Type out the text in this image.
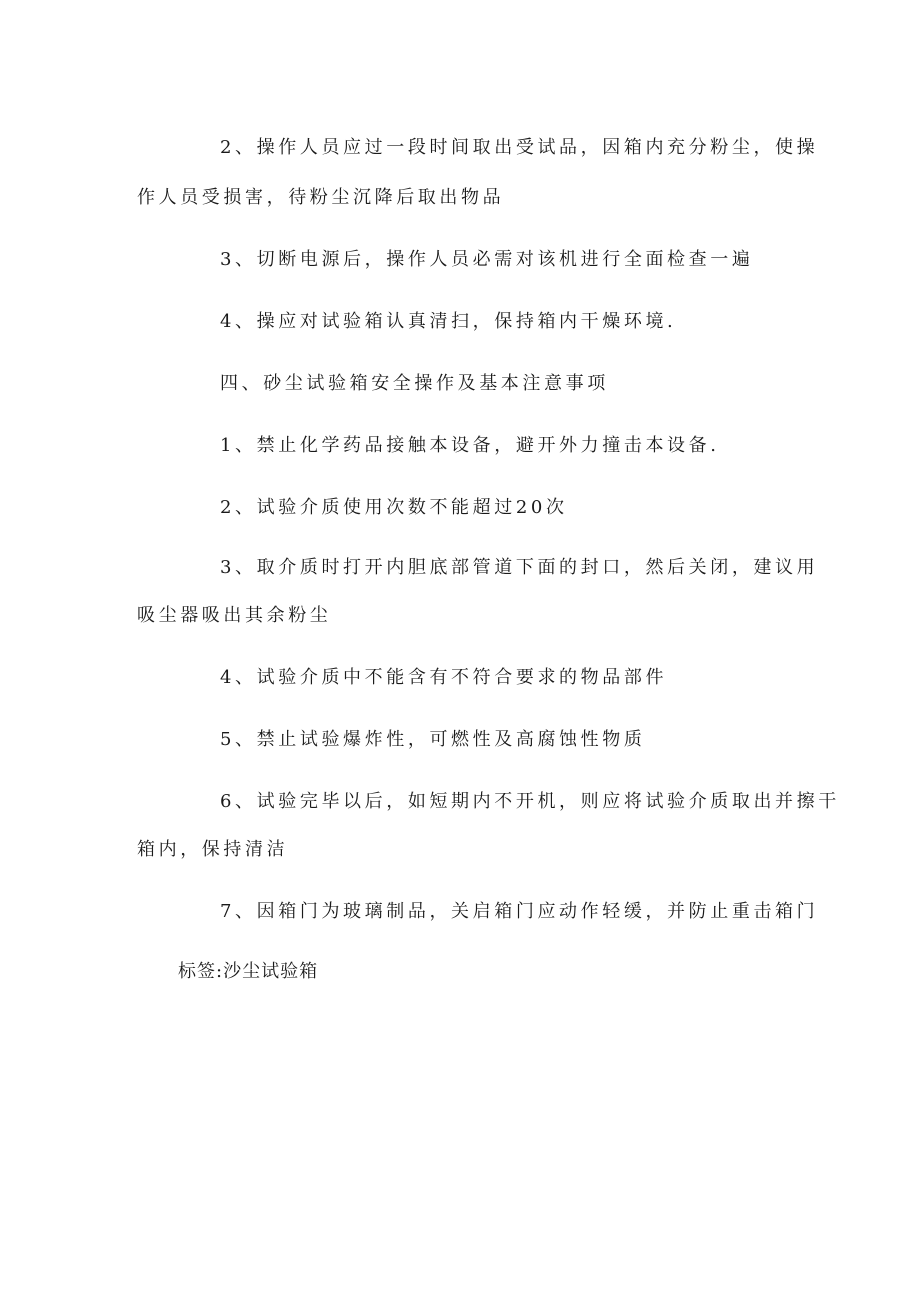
2、操作人员应过一段时间取出受试品，因箱内充分粉尘，使操
作人员受损害，待粉尘沉降后取出物品
3、切断电源后，操作人员必需对该机进行全面检查一遍
4、操应对试验箱认真清扫，保持箱内干燥环境.
四、砂尘试验箱安全操作及基本注意事项
1、禁止化学药品接触本设备，避开外力撞击本设备.
2、试验介质使用次数不能超过20次
3、取介质时打开内胆底部管道下面的封口，然后关闭，建议用
吸尘器吸出其余粉尘
4、试验介质中不能含有不符合要求的物品部件
5、禁止试验爆炸性，可燃性及高腐蚀性物质
6、试验完毕以后，如短期内不开机，则应将试验介质取出并擦干
箱内，保持清洁
7、因箱门为玻璃制品，关启箱门应动作轻缓，并防止重击箱门
标签:沙尘试验箱
